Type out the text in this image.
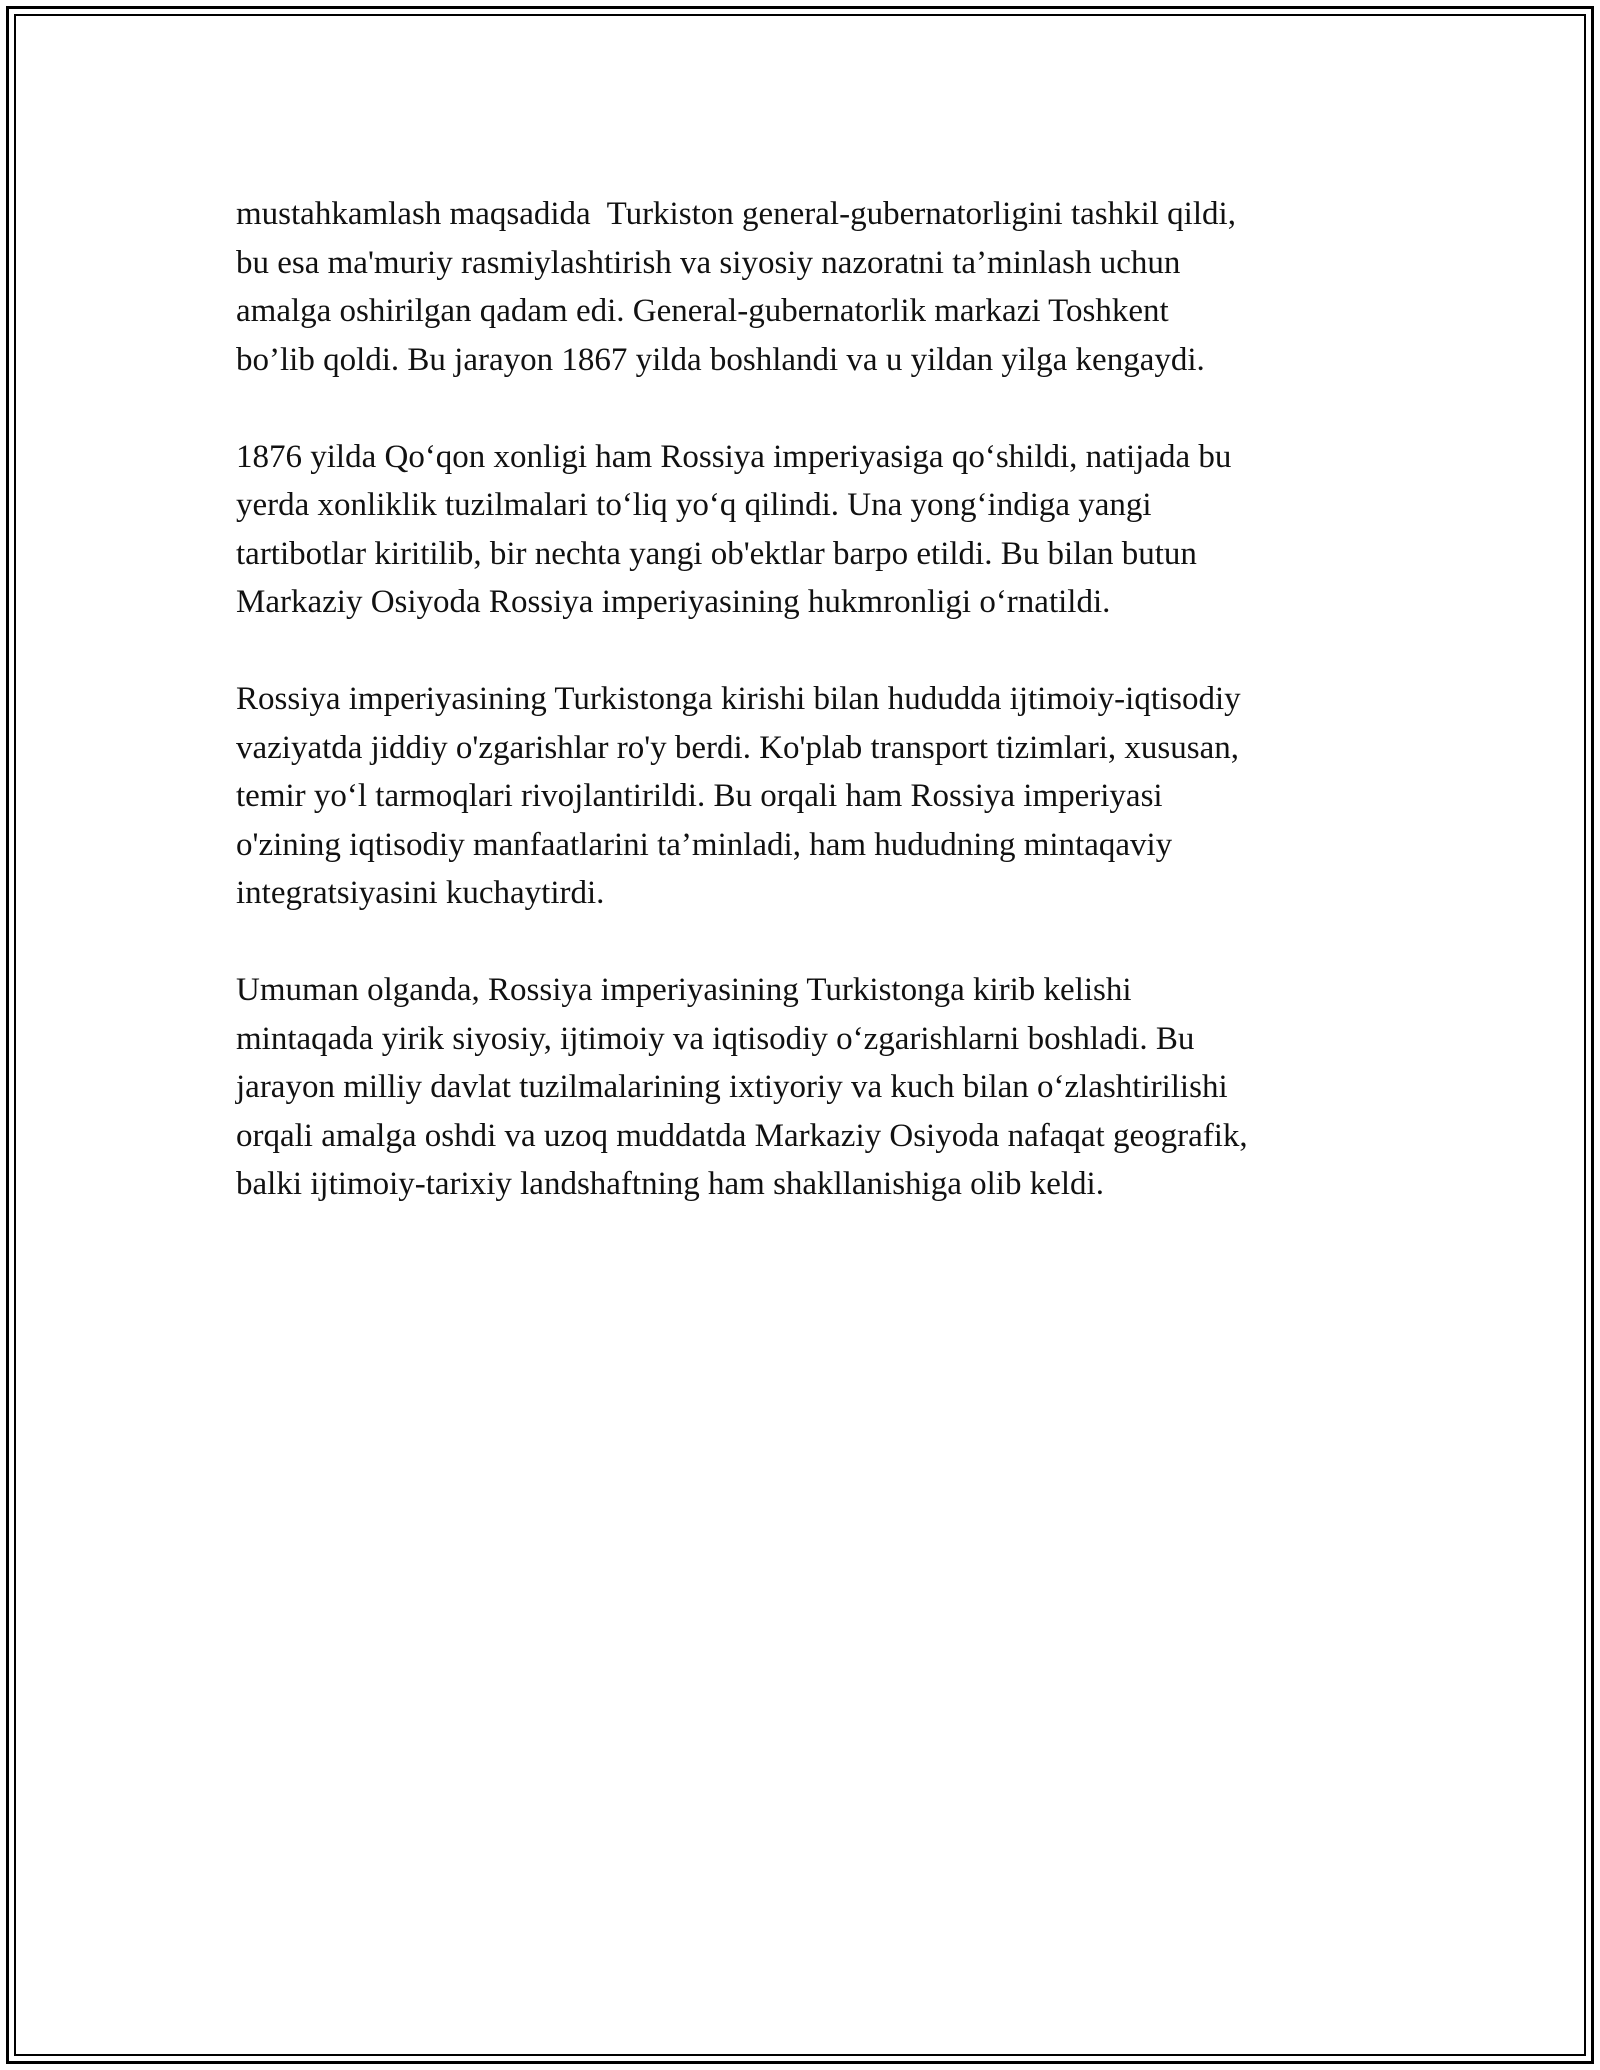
mustahkamlash maqsadida  Turkiston general-gubernatorligini tashkil qildi,
bu esa ma'muriy rasmiylashtirish va siyosiy nazoratni ta’minlash uchun
amalga oshirilgan qadam edi. General-gubernatorlik markazi Toshkent
bo’lib qoldi. Bu jarayon 1867 yilda boshlandi va u yildan yilga kengaydi.

1876 yilda Qo‘qon xonligi ham Rossiya imperiyasiga qo‘shildi, natijada bu
yerda xonliklik tuzilmalari to‘liq yo‘q qilindi. Una yong‘indiga yangi
tartibotlar kiritilib, bir nechta yangi ob'ektlar barpo etildi. Bu bilan butun
Markaziy Osiyoda Rossiya imperiyasining hukmronligi o‘rnatildi.

Rossiya imperiyasining Turkistonga kirishi bilan hududda ijtimoiy-iqtisodiy
vaziyatda jiddiy o'zgarishlar ro'y berdi. Ko'plab transport tizimlari, xususan,
temir yo‘l tarmoqlari rivojlantirildi. Bu orqali ham Rossiya imperiyasi
o'zining iqtisodiy manfaatlarini ta’minladi, ham hududning mintaqaviy
integratsiyasini kuchaytirdi.

Umuman olganda, Rossiya imperiyasining Turkistonga kirib kelishi
mintaqada yirik siyosiy, ijtimoiy va iqtisodiy o‘zgarishlarni boshladi. Bu
jarayon milliy davlat tuzilmalarining ixtiyoriy va kuch bilan o‘zlashtirilishi
orqali amalga oshdi va uzoq muddatda Markaziy Osiyoda nafaqat geografik,
balki ijtimoiy-tarixiy landshaftning ham shakllanishiga olib keldi.
